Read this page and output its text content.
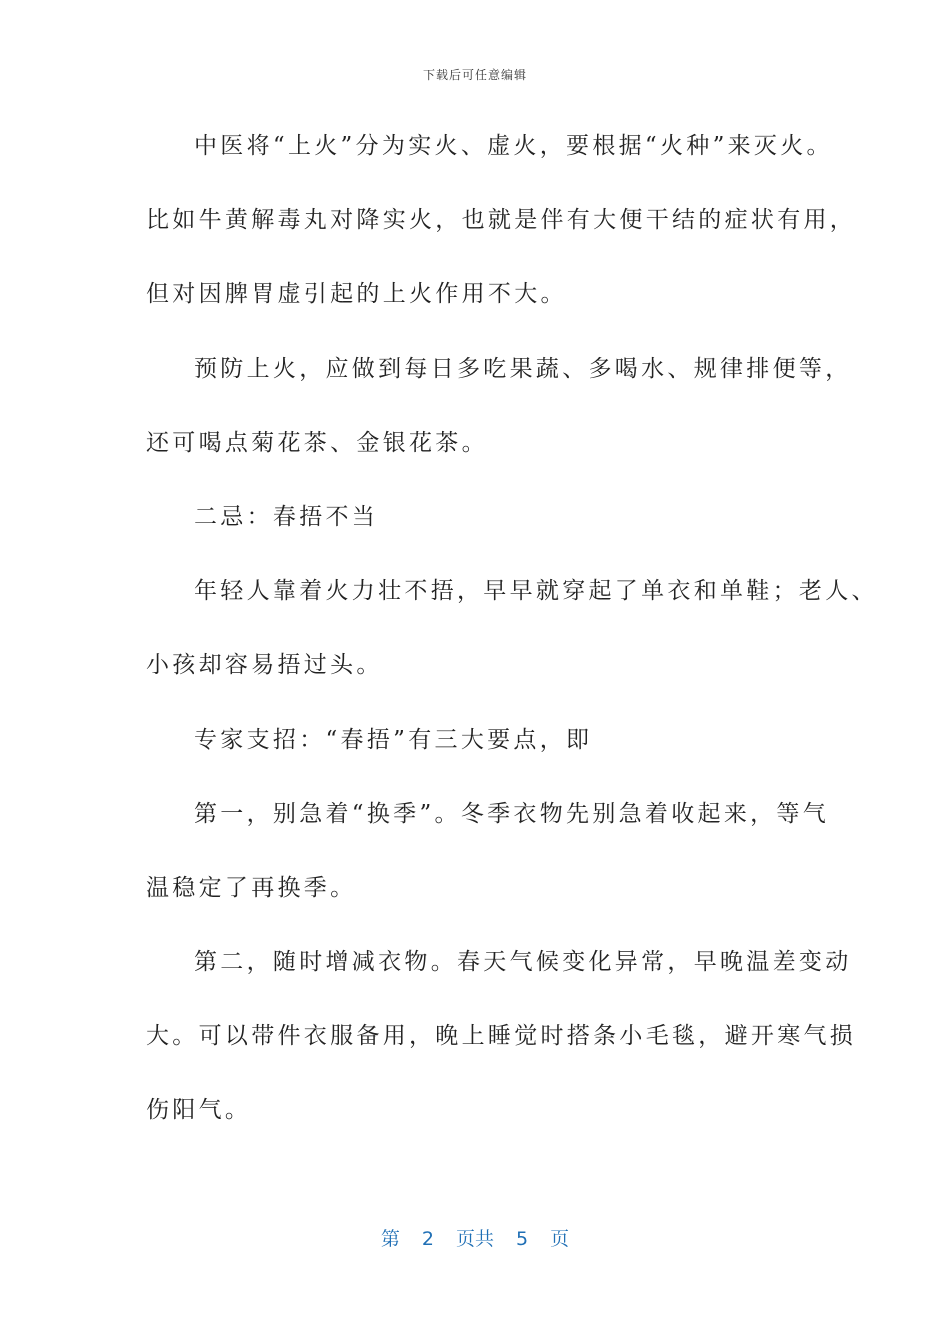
下载后可任意编辑
中医将“上火”分为实火、虚火，要根据“火种”来灭火。
比如牛黄解毒丸对降实火，也就是伴有大便干结的症状有用，
但对因脾胃虚引起的上火作用不大。
预防上火，应做到每日多吃果蔬、多喝水、规律排便等，
还可喝点菊花茶、金银花茶。
二忌：春捂不当
年轻人靠着火力壮不捂，早早就穿起了单衣和单鞋；老人、
小孩却容易捂过头。
专家支招：“春捂”有三大要点，即
第一，别急着“换季”。冬季衣物先别急着收起来，等气
温稳定了再换季。
第二，随时增减衣物。春天气候变化异常，早晚温差变动
大。可以带件衣服备用，晚上睡觉时搭条小毛毯，避开寒气损
伤阳气。
第 2 页共 5 页
